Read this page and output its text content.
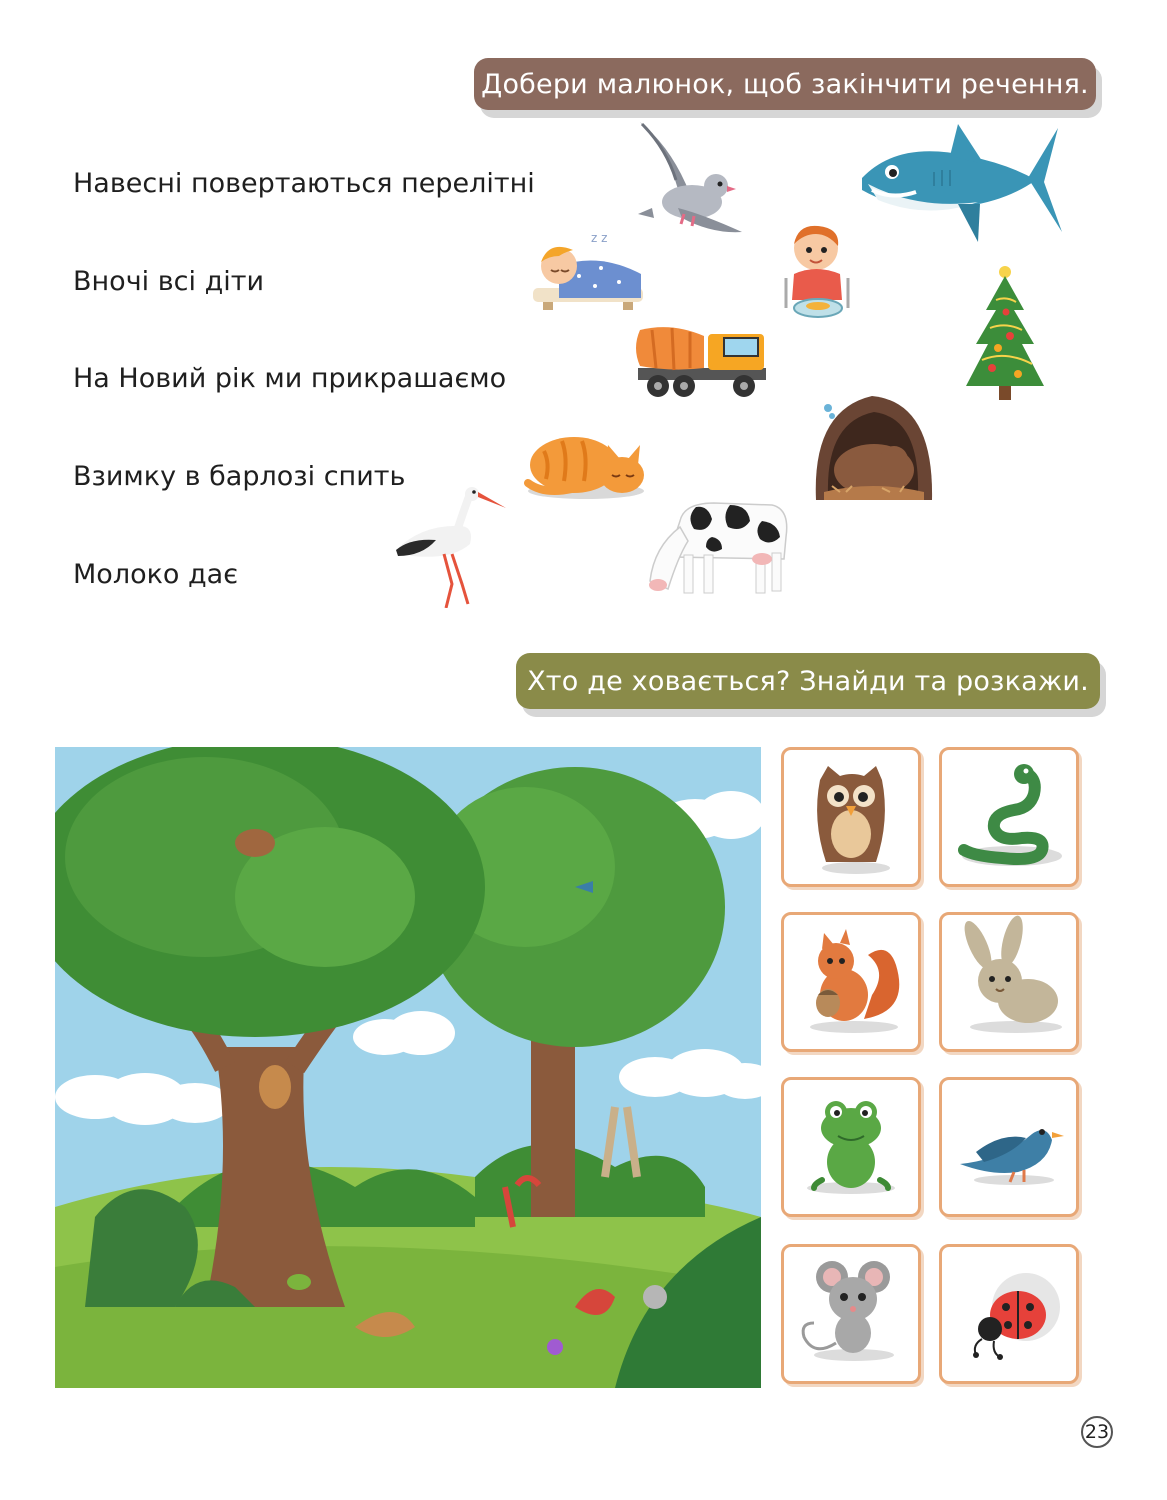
Добери малюнок, щоб закінчити речення.
Навесні повертаються перелітні
Вночі всі діти
На Новий рік ми прикрашаємо
Взимку в барлозі спить
Молоко дає
z z
Хто де ховається? Знайди та розкажи.
23
